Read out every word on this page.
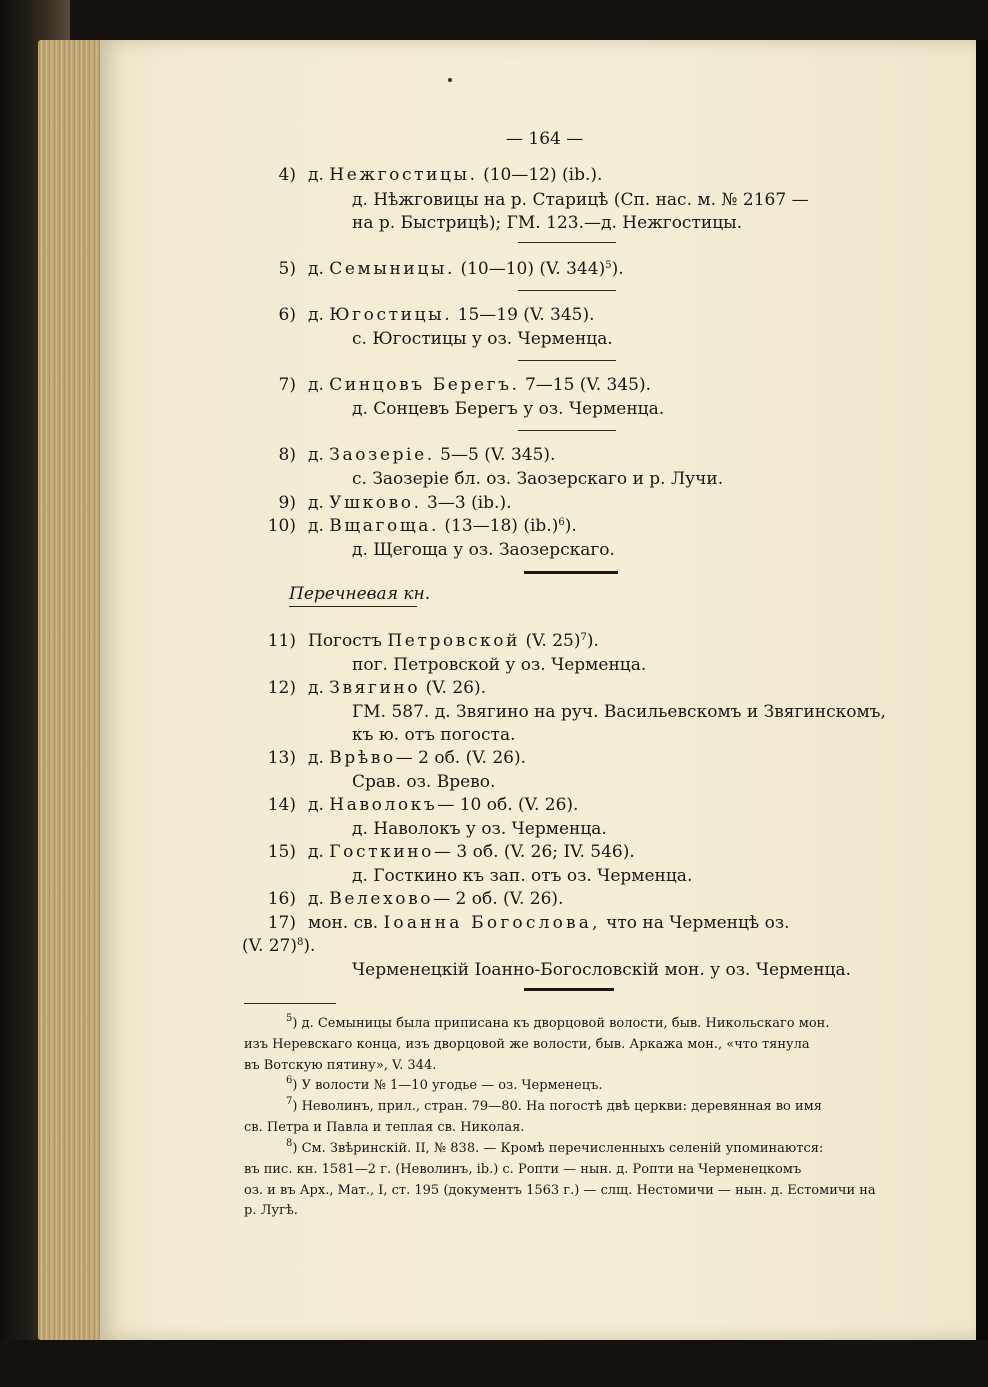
— 164 —
4) д. Нежгостицы. (10—12) (ib.).
д. Нѣжговицы на р. Старицѣ (Сп. нас. м. № 2167 —
на р. Быстрицѣ); ГМ. 123.—д. Нежгостицы.
5) д. Семыницы. (10—10) (V. 344)$^5$).
6) д. Югостицы. 15—19 (V. 345).
с. Югостицы у оз. Черменца.
7) д. Синцовъ Берегъ. 7—15 (V. 345).
д. Сонцевъ Берегъ у оз. Черменца.
8) д. Заозеріе. 5—5 (V. 345).
с. Заозеріе бл. оз. Заозерскаго и р. Лучи.
9) д. Ушково. 3—3 (ib.).
10) д. Вщагоща. (13—18) $(ib.)^6$).
д. Щегоща у оз. Заозерскаго.
Перечневая кн.
11) Погостъ Петровской (V. 25)$^7$).
пог. Петровской у оз. Черменца.
12) д. Звягино (V. 26).
ГМ. 587. д. Звягино на руч. Васильевскомъ и Звягинскомъ,
къ ю. отъ погоста.
13) д. Врѣво— 2 об. (V. 26).
Срав. оз. Врево.
14) д. Наволокъ— 10 об. (V. 26).
д. Наволокъ у оз. Черменца.
15) д. Госткино— 3 об. (V. 26; IV. 546).
д. Госткино къ зап. отъ оз. Черменца.
16) д. Велехово— 2 об. (V. 26).
17) мон. св. Іоанна Богослова, что на Черменцѣ оз.
(V. 27)$^8$).
Черменецкій Іоанно-Богословскій мон. у оз. Черменца.
$^5$) д. Семыницы была приписана къ дворцовой волости, быв. Никольскаго мон.
изъ Неревскаго конца, изъ дворцовой же волости, быв. Аркажа мон., «что тянула
въ Вотскую пятину», V. 344.
$^6$) У волости № 1—10 угодье — оз. Черменецъ.
$^7$) Неволинъ, прил., стран. 79—80. На погостѣ двѣ церкви: деревянная во имя
св. Петра и Павла и теплая св. Николая.
$^8$) См. Звѣринскій. II, № 838. — Кромѣ перечисленныхъ селеній упоминаются:
въ пис. кн. 1581—2 г. (Неволинъ, ib.) с. Ропти — нын. д. Ропти на Черменецкомъ
оз. и въ Арх., Мат., I, ст. 195 (документъ 1563 г.) — слщ. Нестомичи — нын. д. Естомичи на р. Лугѣ.
